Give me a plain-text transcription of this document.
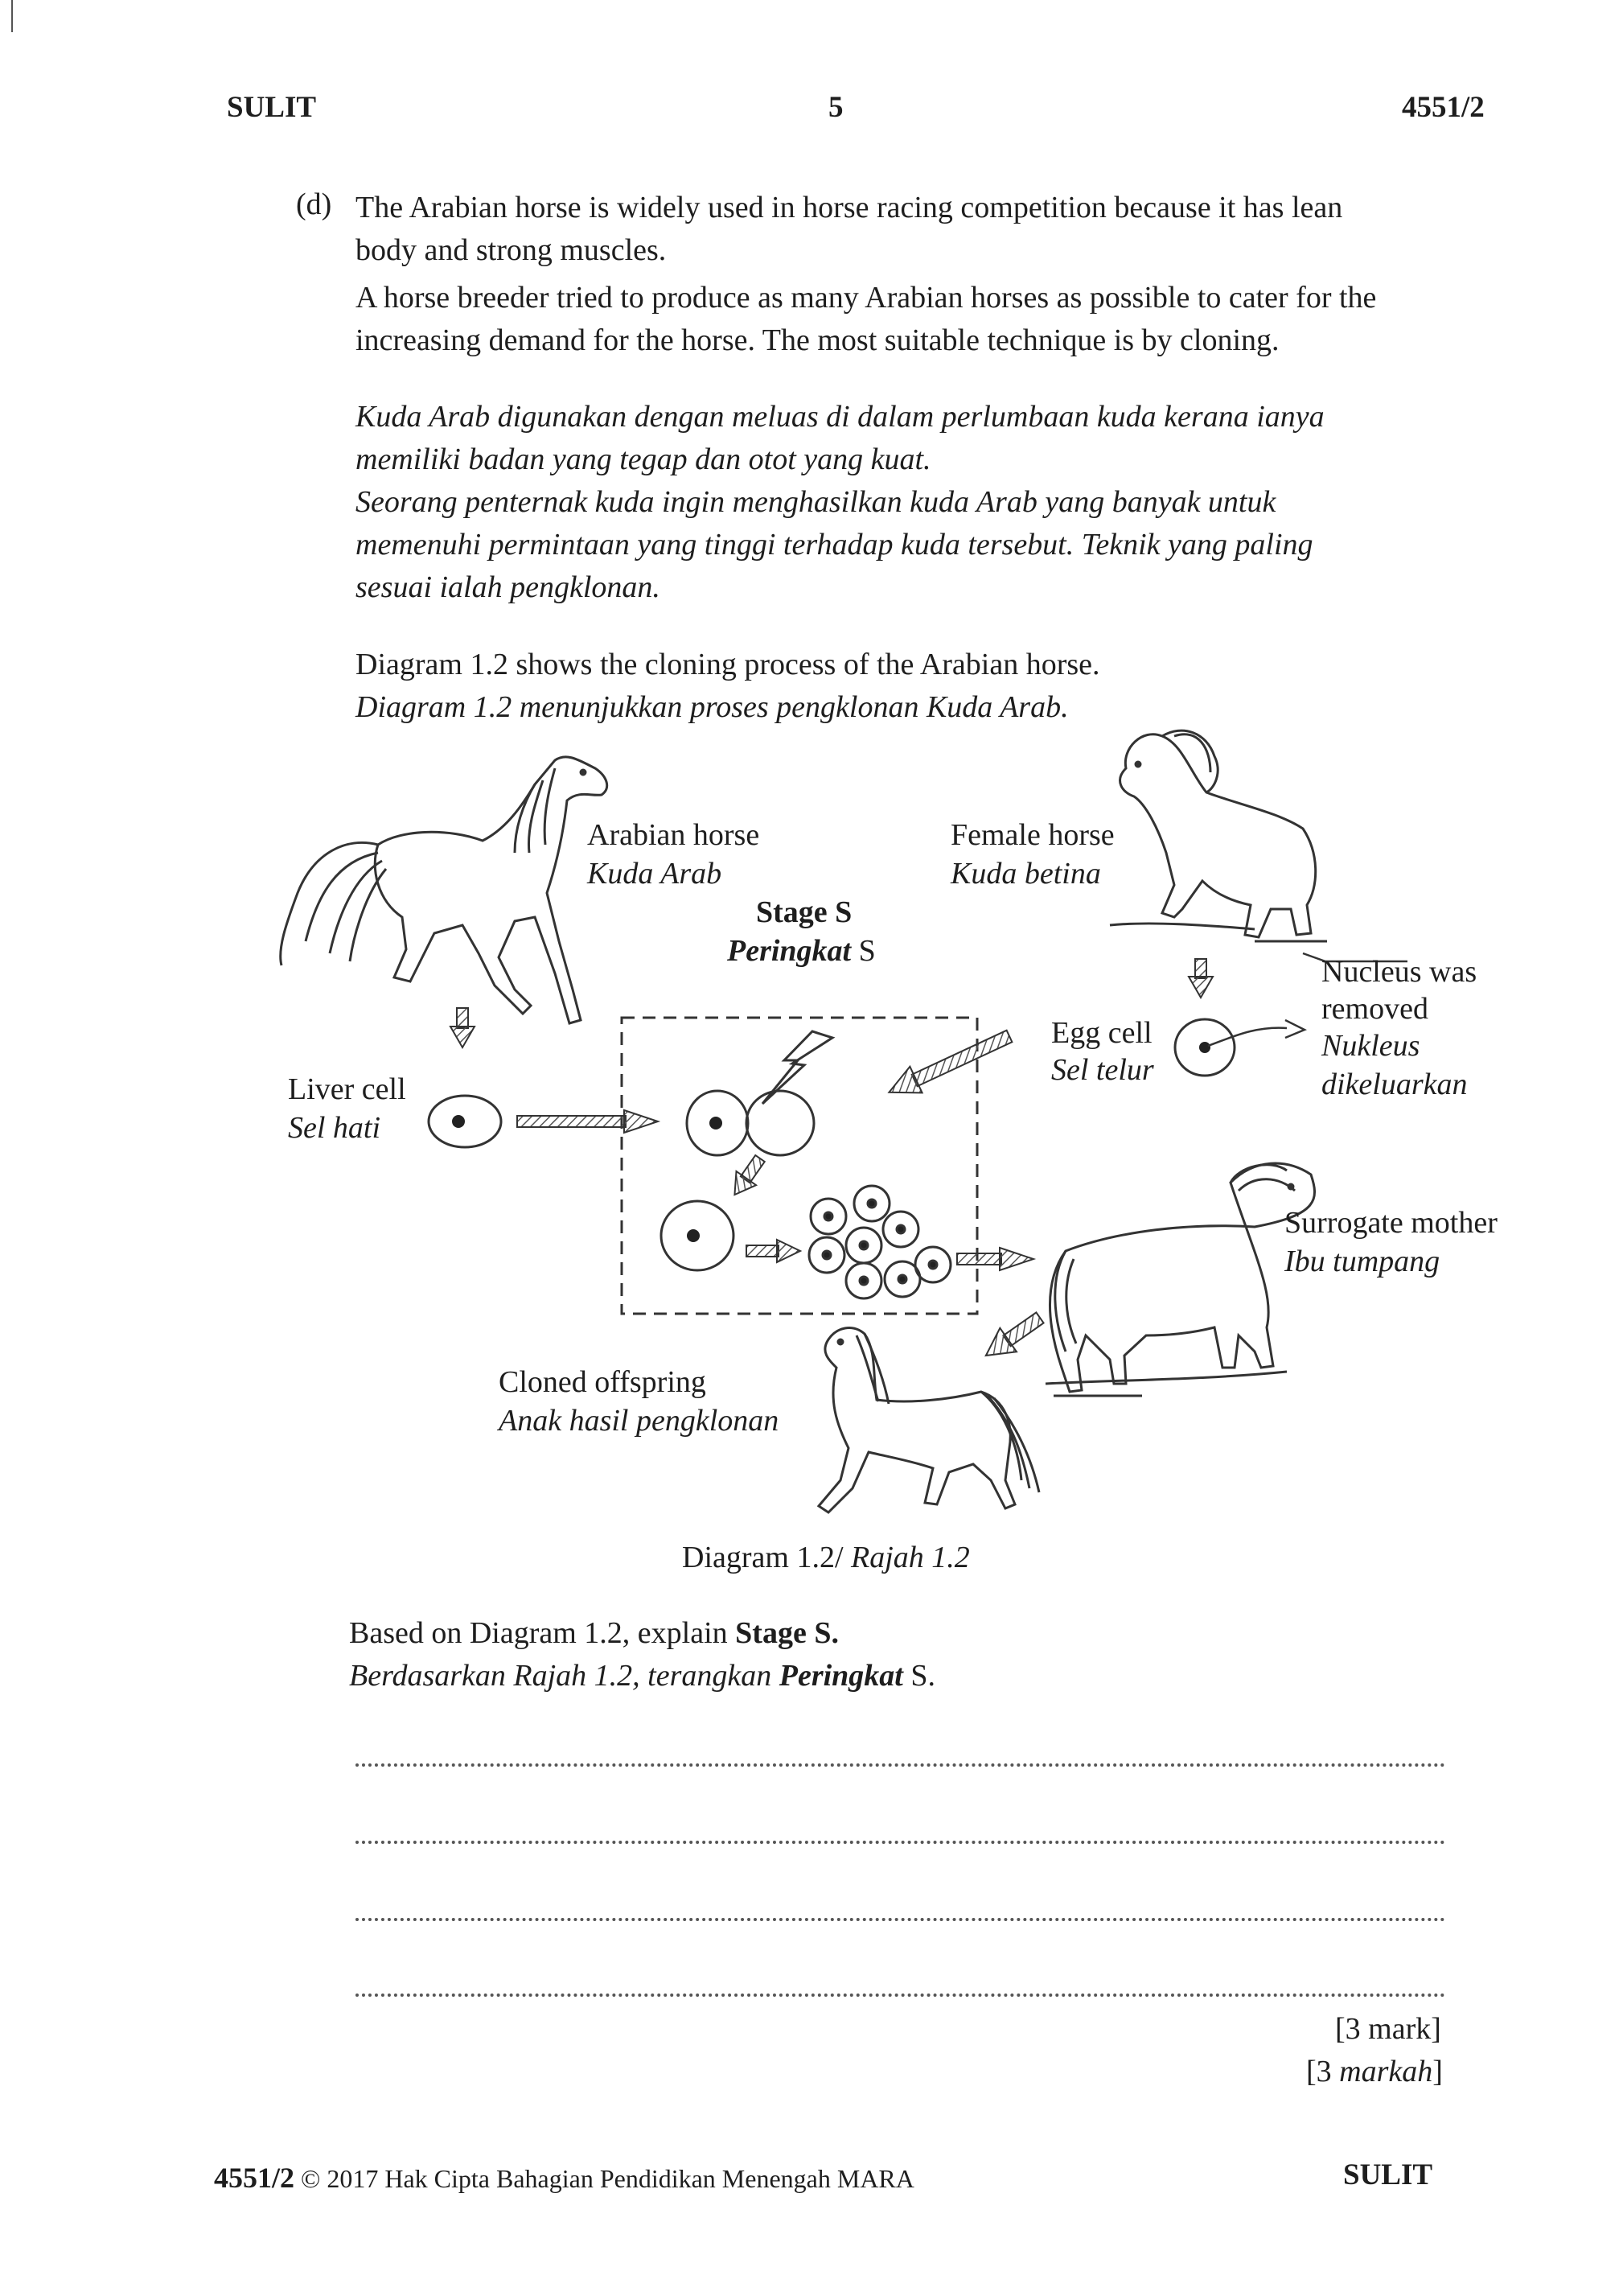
SULIT	5	4551/2
(d) The Arabian horse is widely used in horse racing competition because it has lean
body and strong muscles.
A horse breeder tried to produce as many Arabian horses as possible to cater for the
increasing demand for the horse. The most suitable technique is by cloning.
Kuda Arab digunakan dengan meluas di dalam perlumbaan kuda kerana ianya
memiliki badan yang tegap dan otot yang kuat.
Seorang penternak kuda ingin menghasilkan kuda Arab yang banyak untuk
memenuhi permintaan yang tinggi terhadap kuda tersebut. Teknik yang paling
sesuai ialah pengklonan.
Diagram 1.2 shows the cloning process of the Arabian horse.
Diagram 1.2 menunjukkan proses pengklonan Kuda Arab.
Arabian horse
Kuda Arab
Female horse
Kuda betina
Stage S
Peringkat S
Nucleus was
removed
Nukleus
dikeluarkan
Egg cell
Sel telur
Liver cell
Sel hati
Surrogate mother
Ibu tumpang
Cloned offspring
Anak hasil pengklonan
Diagram 1.2/ Rajah 1.2
Based on Diagram 1.2, explain Stage S.
Berdasarkan Rajah 1.2, terangkan Peringkat S.
[3 mark]
[3 markah]
4551/2 © 2017 Hak Cipta Bahagian Pendidikan Menengah MARA	SULIT
